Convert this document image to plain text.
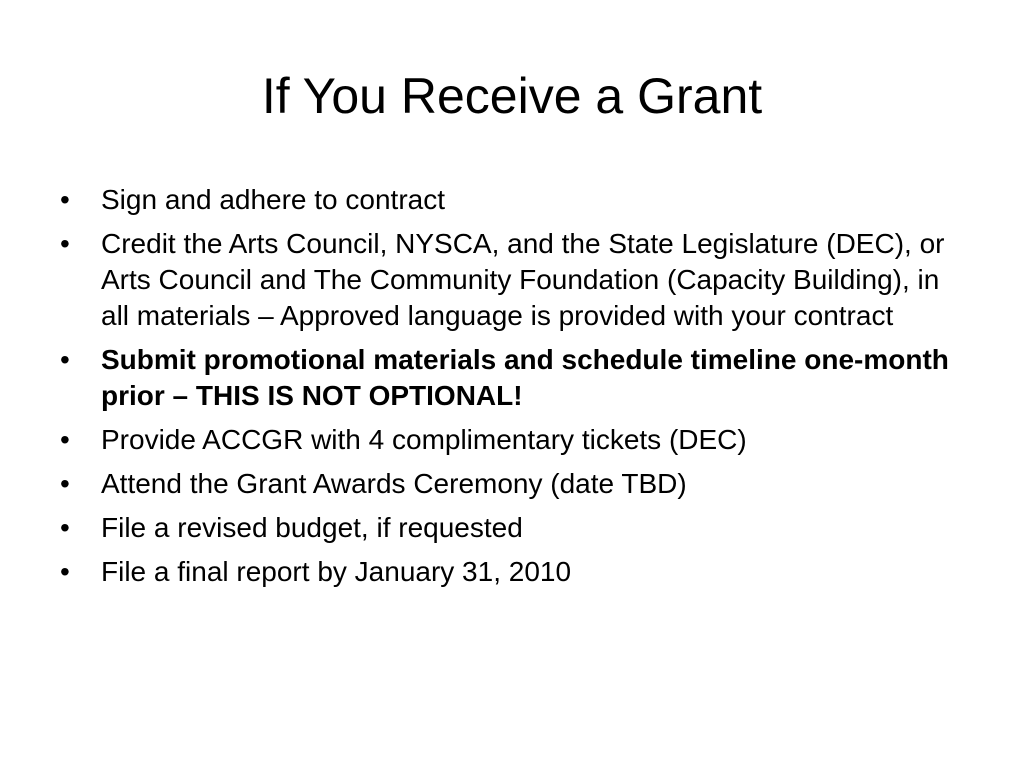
If You Receive a Grant
•	Sign and adhere to contract
•	Credit the Arts Council, NYSCA, and the State Legislature (DEC), or Arts Council and The Community Foundation (Capacity Building), in all materials – Approved language is provided with your contract
•	Submit promotional materials and schedule timeline one-month prior – THIS IS NOT OPTIONAL!
•	Provide ACCGR with 4 complimentary tickets (DEC)
•	Attend the Grant Awards Ceremony (date TBD)
•	File a revised budget, if requested
•	File a final report by January 31, 2010
